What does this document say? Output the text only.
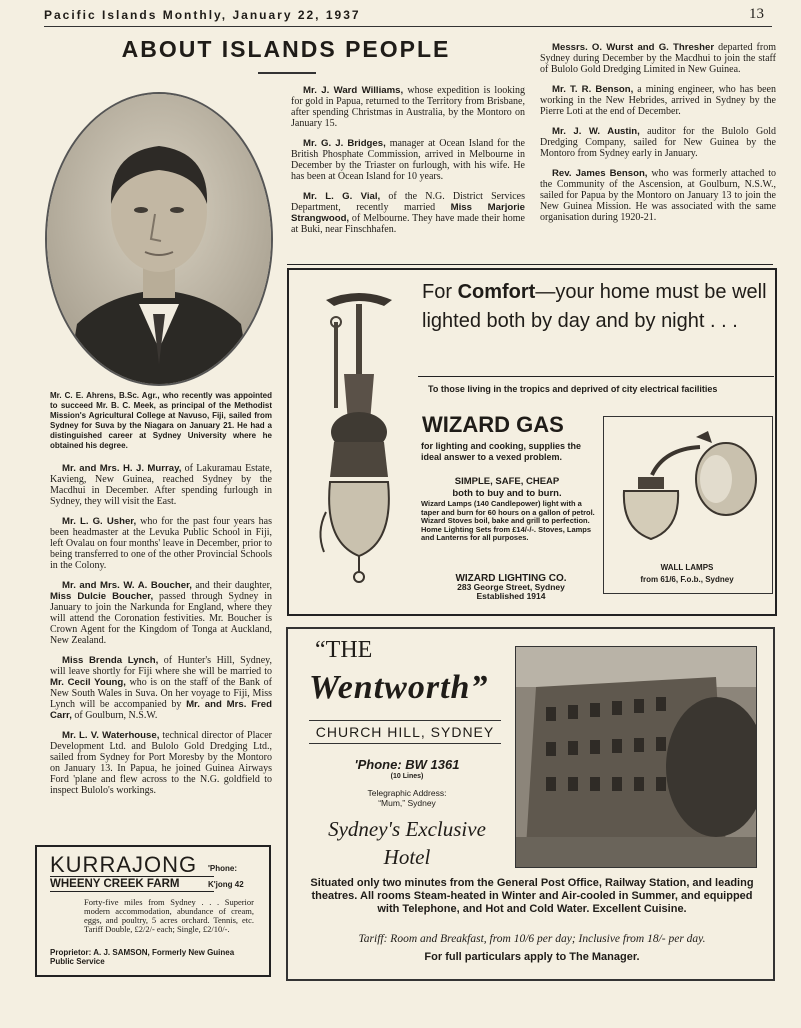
Pacific Islands Monthly, January 22, 1937	13
ABOUT ISLANDS PEOPLE
Mr. C. E. Ahrens, B.Sc. Agr., who recently was appointed to succeed Mr. B. C. Meek, as principal of the Methodist Mission's Agricultural College at Navuso, Fiji, sailed from Sydney for Suva by the Niagara on January 21. He had a distinguished career at Sydney University where he obtained his degree.

Mr. and Mrs. H. J. Murray, of Lakuramau Estate, Kavieng, New Guinea, reached Sydney by the Macdhui in December. After spending furlough in Sydney, they will visit the East.

Mr. L. G. Usher, who for the past four years has been headmaster at the Levuka Public School in Fiji, left Ovalau on four months' leave in December, prior to being transferred to one of the other Provincial Schools in the Colony.

Mr. and Mrs. W. A. Boucher, and their daughter, Miss Dulcie Boucher, passed through Sydney in January to join the Narkunda for England, where they will attend the Coronation festivities. Mr. Boucher is Crown Agent for the Kingdom of Tonga at Auckland, New Zealand.

Miss Brenda Lynch, of Hunter's Hill, Sydney, will leave shortly for Fiji where she will be married to Mr. Cecil Young, who is on the staff of the Bank of New South Wales in Suva. On her voyage to Fiji, Miss Lynch will be accompanied by Mr. and Mrs. Fred Carr, of Goulburn, N.S.W.

Mr. L. V. Waterhouse, technical director of Placer Development Ltd. and Bulolo Gold Dredging Ltd., sailed from Sydney for Port Moresby by the Montoro on January 13. In Papua, he joined Guinea Airways Ford 'plane and flew across to the N.G. goldfield to inspect Bulolo's workings.

Mr. J. Ward Williams, whose expedition is looking for gold in Papua, returned to the Territory from Brisbane, after spending Christmas in Australia, by the Montoro on January 15.

Mr. G. J. Bridges, manager at Ocean Island for the British Phosphate Commission, arrived in Melbourne in December by the Triaster on furlough, with his wife. He has been at Ocean Island for 10 years.

Mr. L. G. Vial, of the N.G. District Services Department, recently married Miss Marjorie Strangwood, of Melbourne. They have made their home at Buki, near Finschhafen.

Messrs. O. Wurst and G. Thresher departed from Sydney during December by the Macdhui to join the staff of Bulolo Gold Dredging Limited in New Guinea.

Mr. T. R. Benson, a mining engineer, who has been working in the New Hebrides, arrived in Sydney by the Pierre Loti at the end of December.

Mr. J. W. Austin, auditor for the Bulolo Gold Dredging Company, sailed for New Guinea by the Montoro from Sydney early in January.

Rev. James Benson, who was formerly attached to the Community of the Ascension, at Goulburn, N.S.W., sailed for Papua by the Montoro on January 13 to join the New Guinea Mission. He was associated with the same organisation during 1920-21.

For Comfort—your home must be well lighted both by day and by night . . .
To those living in the tropics and deprived of city electrical facilities
WIZARD GAS
for lighting and cooking, supplies the ideal answer to a vexed problem.
SIMPLE, SAFE, CHEAP
both to buy and to burn.
Wizard Lamps (140 Candlepower) light with a taper and burn for 60 hours on a gallon of petrol. Wizard Stoves boil, bake and grill to perfection. Home Lighting Sets from £14/-/-. Stoves, Lamps and Lanterns for all purposes.
WIZARD LIGHTING CO.
283 George Street, Sydney
Established 1914
WALL LAMPS
from 61/6, F.o.b., Sydney
“THE
Wentworth”
CHURCH HILL, SYDNEY
'Phone: BW 1361
(10 Lines)
Telegraphic Address:
“Mum,” Sydney
Sydney's Exclusive
Hotel
Situated only two minutes from the General Post Office, Railway Station, and leading theatres. All rooms Steam-heated in Winter and Air-cooled in Summer, and equipped with Telephone, and Hot and Cold Water. Excellent Cuisine.
Tariff: Room and Breakfast, from 10/6 per day; Inclusive from 18/- per day.
For full particulars apply to The Manager.
KURRAJONG 'Phone:
WHEENY CREEK FARM	K'jong 42
Forty-five miles from Sydney . . . Superior modern accommodation, abundance of cream, eggs, and poultry, 5 acres orchard. Tennis, etc. Tariff Double, £2/2/- each; Single, £2/10/-.
Proprietor: A. J. SAMSON, Formerly New Guinea Public Service
